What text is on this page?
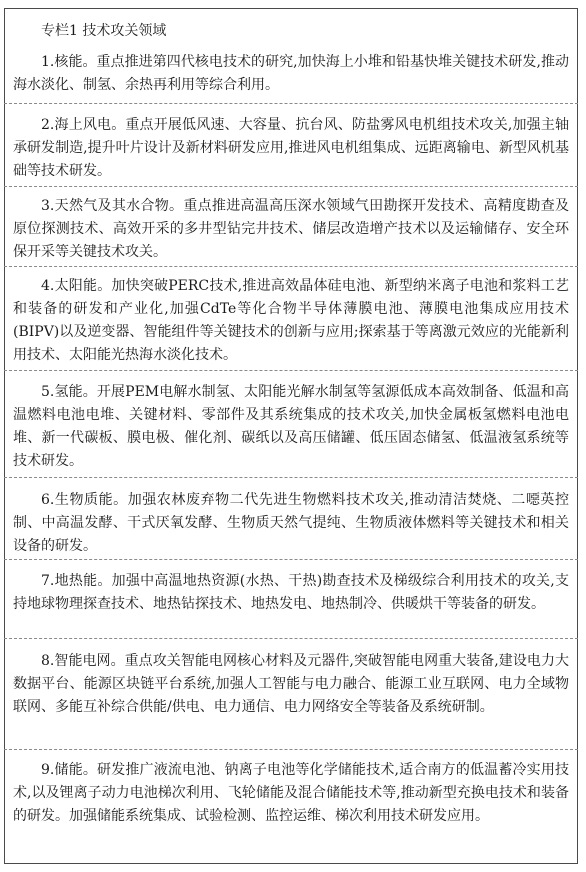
专栏1 技术攻关领域

1.核能。重点推进第四代核电技术的研究,加快海上小堆和铅基快堆关键技术研发,推动海水淡化、制氢、余热再利用等综合利用。

2.海上风电。重点开展低风速、大容量、抗台风、防盐雾风电机组技术攻关,加强主轴承研发制造,提升叶片设计及新材料研发应用,推进风电机组集成、远距离输电、新型风机基础等技术研发。

3.天然气及其水合物。重点推进高温高压深水领域气田勘探开发技术、高精度勘查及原位探测技术、高效开采的多井型钻完井技术、储层改造增产技术以及运输储存、安全环保开采等关键技术攻关。

4.太阳能。加快突破PERC技术,推进高效晶体硅电池、新型纳米离子电池和浆料工艺和装备的研发和产业化,加强CdTe等化合物半导体薄膜电池、薄膜电池集成应用技术(BIPV)以及逆变器、智能组件等关键技术的创新与应用;探索基于等离激元效应的光能新利用技术、太阳能光热海水淡化技术。

5.氢能。开展PEM电解水制氢、太阳能光解水制氢等氢源低成本高效制备、低温和高温燃料电池电堆、关键材料、零部件及其系统集成的技术攻关,加快金属板氢燃料电池电堆、新一代碳板、膜电极、催化剂、碳纸以及高压储罐、低压固态储氢、低温液氢系统等技术研发。

6.生物质能。加强农林废弃物二代先进生物燃料技术攻关,推动清洁焚烧、二噁英控制、中高温发酵、干式厌氧发酵、生物质天然气提纯、生物质液体燃料等关键技术和相关设备的研发。

7.地热能。加强中高温地热资源(水热、干热)勘查技术及梯级综合利用技术的攻关,支持地球物理探查技术、地热钻探技术、地热发电、地热制冷、供暖烘干等装备的研发。

8.智能电网。重点攻关智能电网核心材料及元器件,突破智能电网重大装备,建设电力大数据平台、能源区块链平台系统,加强人工智能与电力融合、能源工业互联网、电力全域物联网、多能互补综合供能/供电、电力通信、电力网络安全等装备及系统研制。

9.储能。研发推广液流电池、钠离子电池等化学储能技术,适合南方的低温蓄冷实用技术,以及锂离子动力电池梯次利用、飞轮储能及混合储能技术等,推动新型充换电技术和装备的研发。加强储能系统集成、试验检测、监控运维、梯次利用技术研发应用。
